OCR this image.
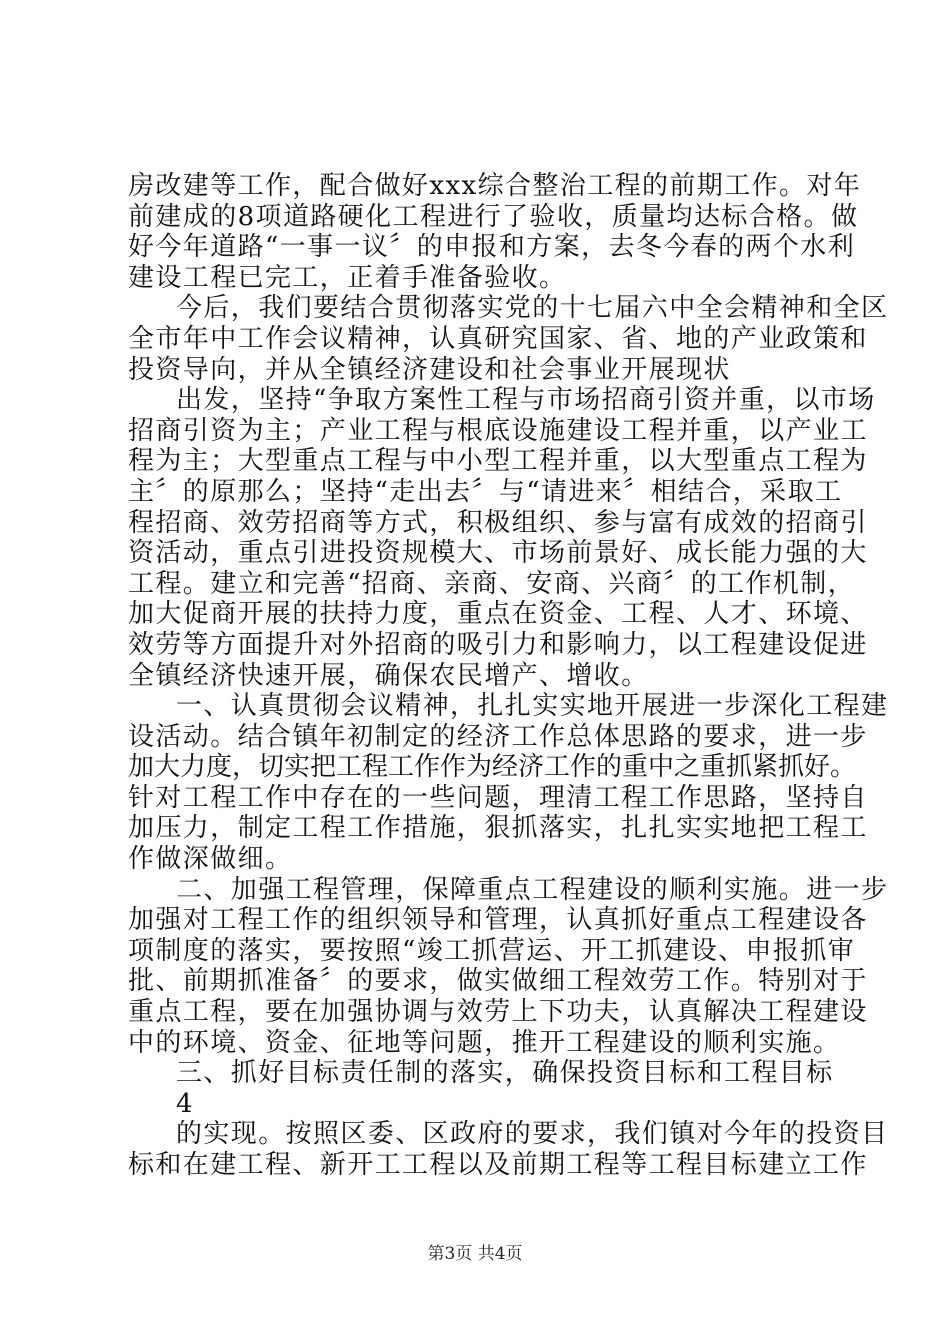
房改建等工作，配合做好xxx综合整治工程的前期工作。对年
前建成的8项道路硬化工程进行了验收，质量均达标合格。做
好今年道路“一事一议〞的申报和方案，去冬今春的两个水利
建设工程已完工，正着手准备验收。
今后，我们要结合贯彻落实党的十七届六中全会精神和全区
全市年中工作会议精神，认真研究国家、省、地的产业政策和
投资导向，并从全镇经济建设和社会事业开展现状
出发，坚持“争取方案性工程与市场招商引资并重，以市场
招商引资为主；产业工程与根底设施建设工程并重，以产业工
程为主；大型重点工程与中小型工程并重，以大型重点工程为
主〞的原那么；坚持“走出去〞与“请进来〞相结合，采取工
程招商、效劳招商等方式，积极组织、参与富有成效的招商引
资活动，重点引进投资规模大、市场前景好、成长能力强的大
工程。建立和完善“招商、亲商、安商、兴商〞的工作机制，
加大促商开展的扶持力度，重点在资金、工程、人才、环境、
效劳等方面提升对外招商的吸引力和影响力，以工程建设促进
全镇经济快速开展，确保农民增产、增收。
一、认真贯彻会议精神，扎扎实实地开展进一步深化工程建
设活动。结合镇年初制定的经济工作总体思路的要求，进一步
加大力度，切实把工程工作作为经济工作的重中之重抓紧抓好。
针对工程工作中存在的一些问题，理清工程工作思路，坚持自
加压力，制定工程工作措施，狠抓落实，扎扎实实地把工程工
作做深做细。
二、加强工程管理，保障重点工程建设的顺利实施。进一步
加强对工程工作的组织领导和管理，认真抓好重点工程建设各
项制度的落实，要按照“竣工抓营运、开工抓建设、申报抓审
批、前期抓准备〞的要求，做实做细工程效劳工作。特别对于
重点工程，要在加强协调与效劳上下功夫，认真解决工程建设
中的环境、资金、征地等问题，推开工程建设的顺利实施。
三、抓好目标责任制的落实，确保投资目标和工程目标
4
的实现。按照区委、区政府的要求，我们镇对今年的投资目
标和在建工程、新开工工程以及前期工程等工程目标建立工作
第3页 共4页
